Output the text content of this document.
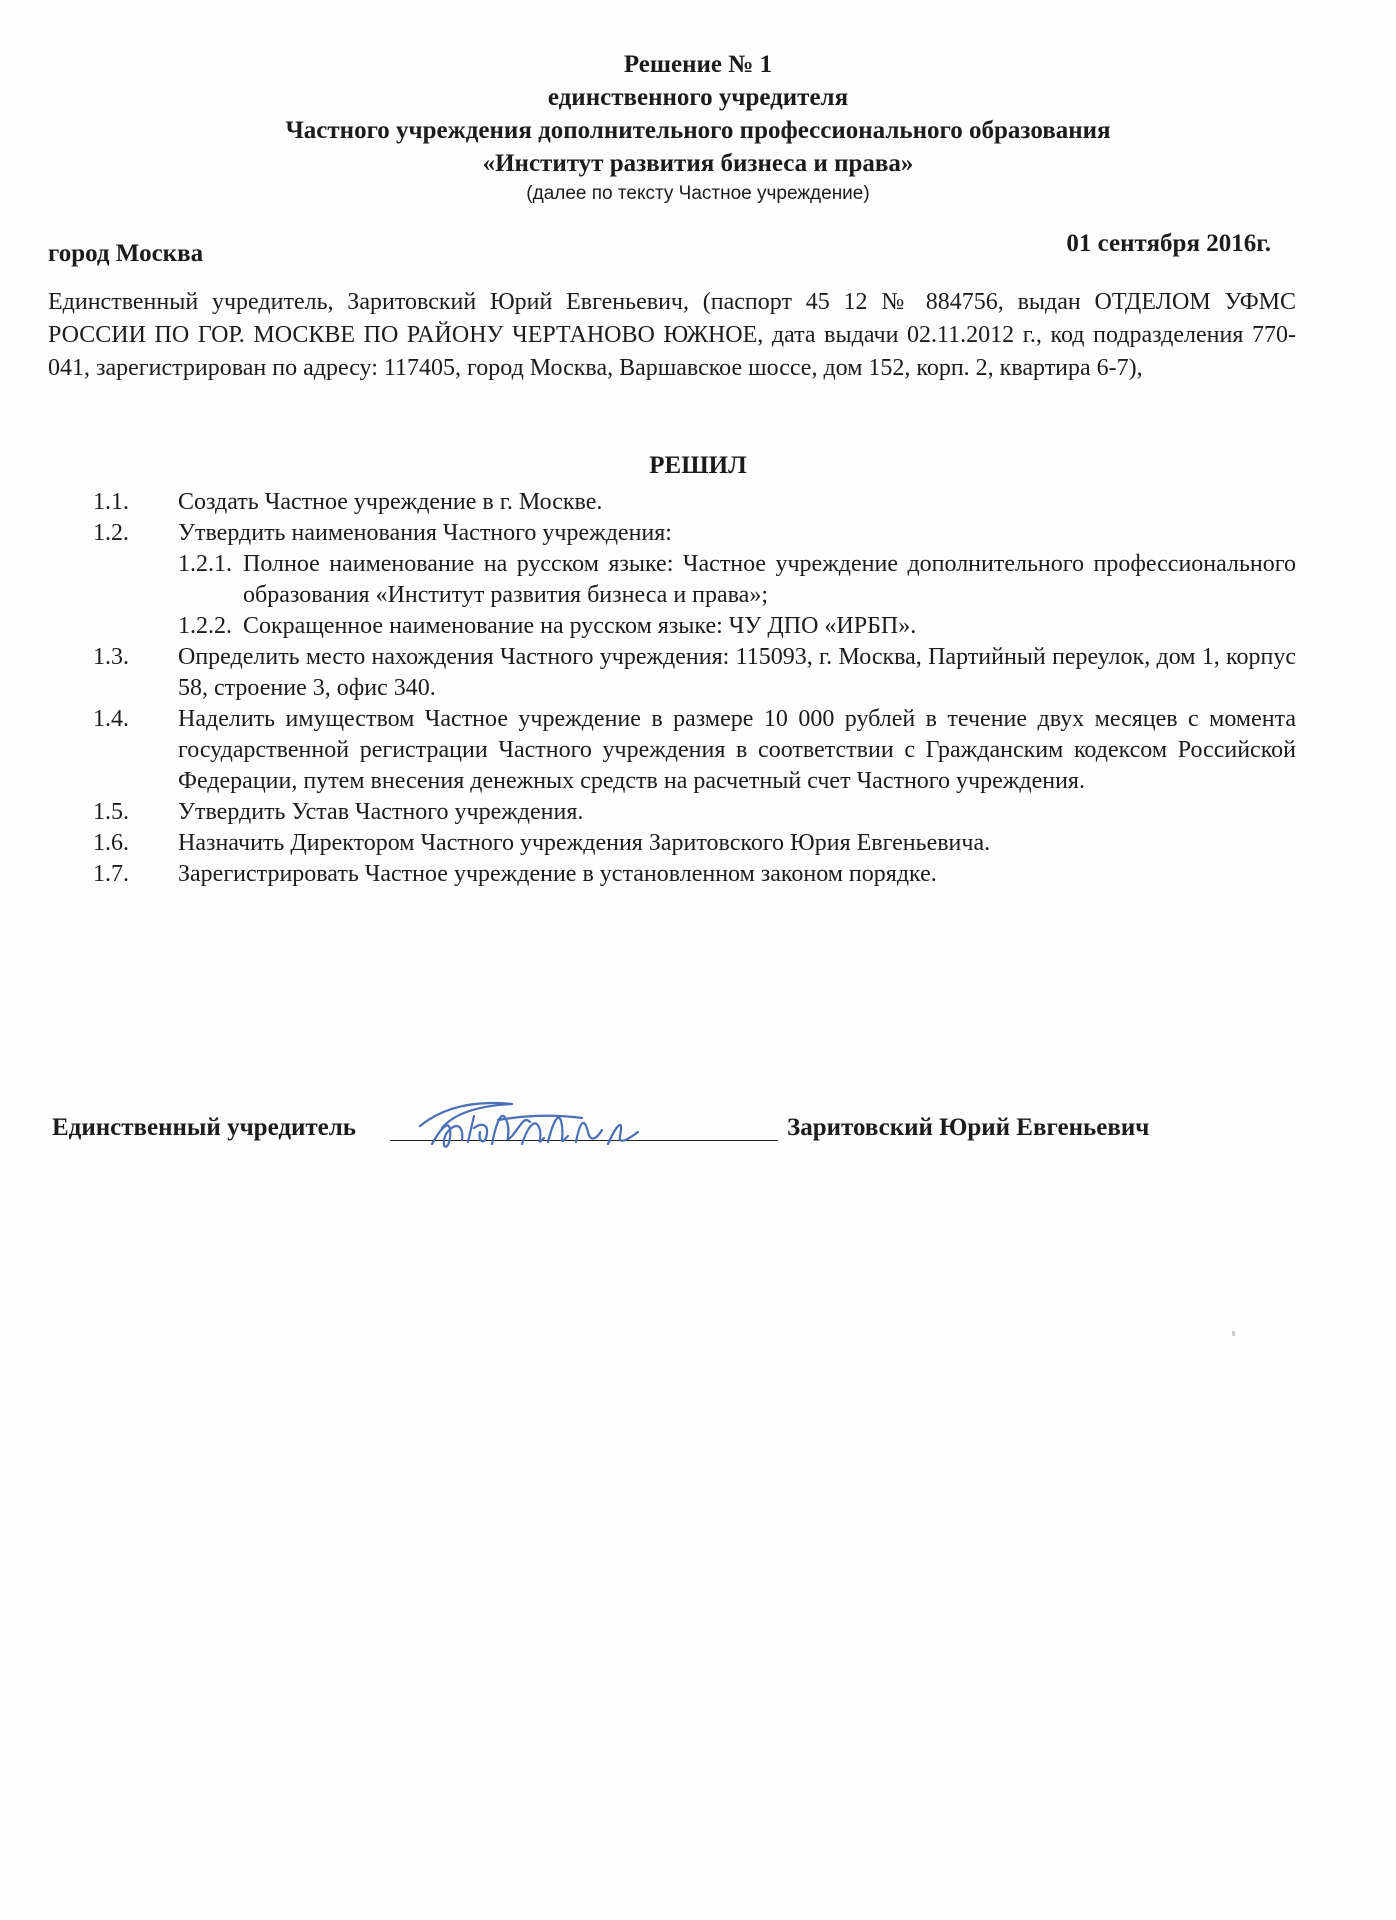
Решение № 1
единственного учредителя
Частного учреждения дополнительного профессионального образования
«Институт развития бизнеса и права»
(далее по тексту Частное учреждение)
город Москва	01 сентября 2016г.
Единственный учредитель, Заритовский Юрий Евгеньевич, (паспорт 45 12 № 884756, выдан ОТДЕЛОМ УФМС РОССИИ ПО ГОР. МОСКВЕ ПО РАЙОНУ ЧЕРТАНОВО ЮЖНОЕ, дата выдачи 02.11.2012 г., код подразделения 770-041, зарегистрирован по адресу: 117405, город Москва, Варшавское шоссе, дом 152, корп. 2, квартира 6-7),
РЕШИЛ
1.1. Создать Частное учреждение в г. Москве.
1.2. Утвердить наименования Частного учреждения:
1.2.1. Полное наименование на русском языке: Частное учреждение дополнительного профессионального образования «Институт развития бизнеса и права»;
1.2.2. Сокращенное наименование на русском языке: ЧУ ДПО «ИРБП».
1.3. Определить место нахождения Частного учреждения: 115093, г. Москва, Партийный переулок, дом 1, корпус 58, строение 3, офис 340.
1.4. Наделить имуществом Частное учреждение в размере 10 000 рублей в течение двух месяцев с момента государственной регистрации Частного учреждения в соответствии с Гражданским кодексом Российской Федерации, путем внесения денежных средств на расчетный счет Частного учреждения.
1.5. Утвердить Устав Частного учреждения.
1.6. Назначить Директором Частного учреждения Заритовского Юрия Евгеньевича.
1.7. Зарегистрировать Частное учреждение в установленном законом порядке.
Единственный учредитель	Заритовский Юрий Евгеньевич
